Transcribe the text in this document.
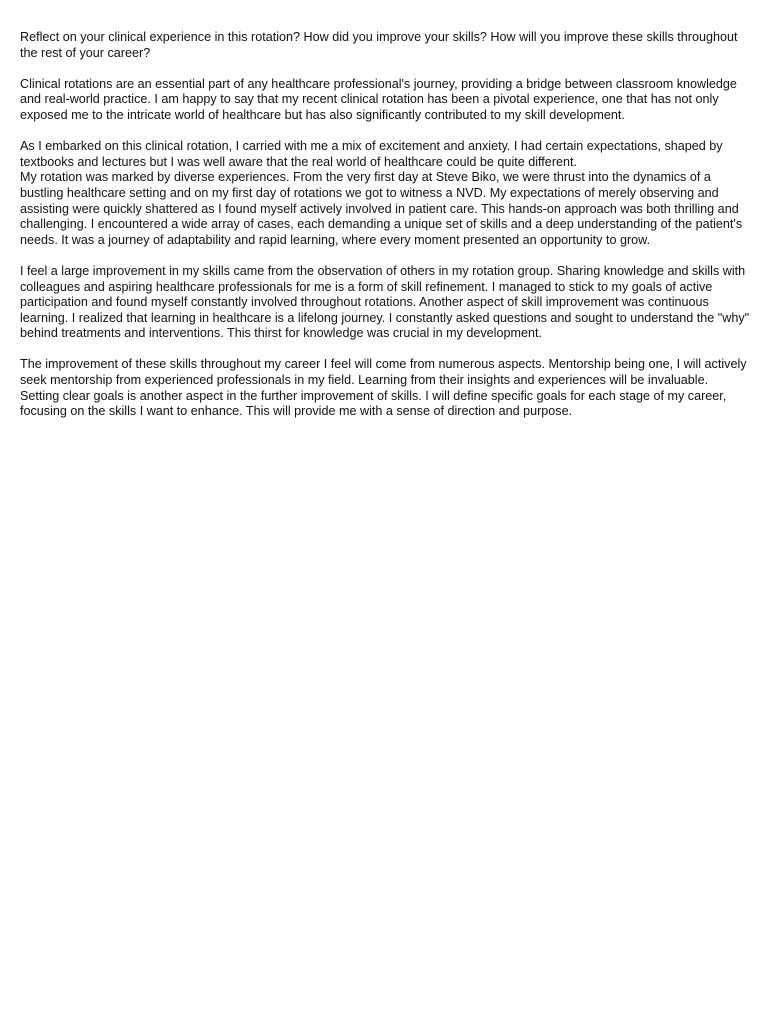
Reflect on your clinical experience in this rotation? How did you improve your skills? How will you improve these skills throughout the rest of your career?

Clinical rotations are an essential part of any healthcare professional's journey, providing a bridge between classroom knowledge and real-world practice. I am happy to say that my recent clinical rotation has been a pivotal experience, one that has not only exposed me to the intricate world of healthcare but has also significantly contributed to my skill development.

As I embarked on this clinical rotation, I carried with me a mix of excitement and anxiety. I had certain expectations, shaped by textbooks and lectures but I was well aware that the real world of healthcare could be quite different.
My rotation was marked by diverse experiences. From the very first day at Steve Biko, we were thrust into the dynamics of a bustling healthcare setting and on my first day of rotations we got to witness a NVD. My expectations of merely observing and assisting were quickly shattered as I found myself actively involved in patient care. This hands-on approach was both thrilling and challenging. I encountered a wide array of cases, each demanding a unique set of skills and a deep understanding of the patient's needs. It was a journey of adaptability and rapid learning, where every moment presented an opportunity to grow.

I feel a large improvement in my skills came from the observation of others in my rotation group. Sharing knowledge and skills with colleagues and aspiring healthcare professionals for me is a form of skill refinement. I managed to stick to my goals of active participation and found myself constantly involved throughout rotations. Another aspect of skill improvement was continuous learning. I realized that learning in healthcare is a lifelong journey. I constantly asked questions and sought to understand the "why" behind treatments and interventions. This thirst for knowledge was crucial in my development.

The improvement of these skills throughout my career I feel will come from numerous aspects. Mentorship being one, I will actively seek mentorship from experienced professionals in my field. Learning from their insights and experiences will be invaluable. Setting clear goals is another aspect in the further improvement of skills. I will define specific goals for each stage of my career, focusing on the skills I want to enhance. This will provide me with a sense of direction and purpose.
